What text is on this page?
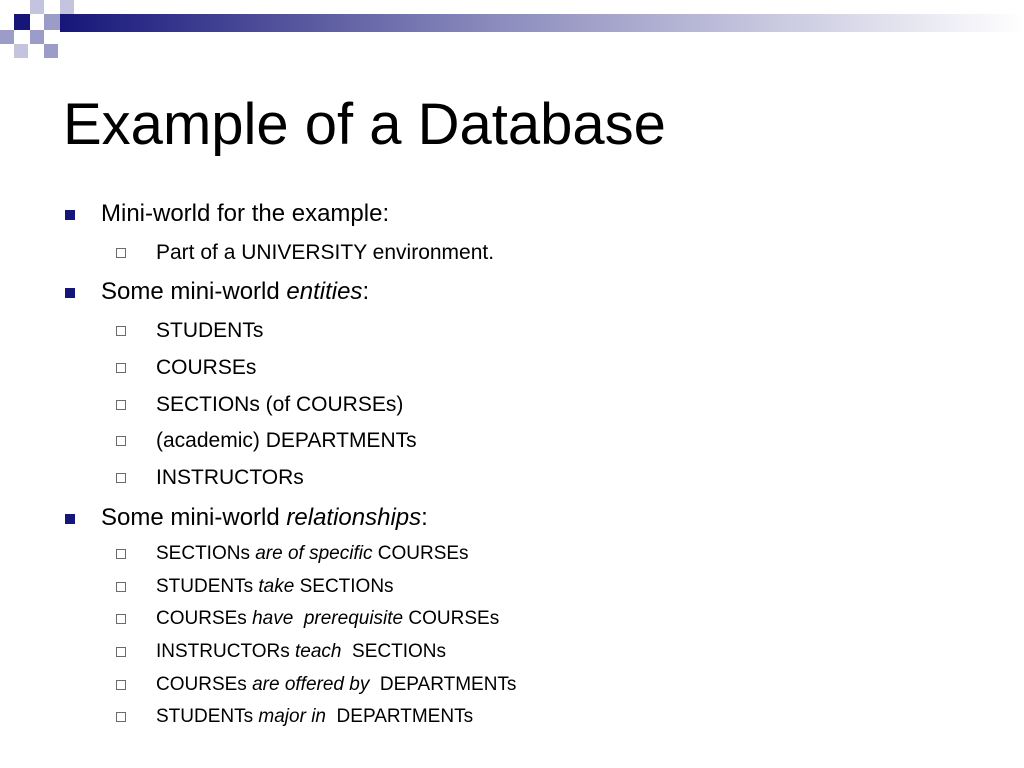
Example of a Database
Mini-world for the example:
Part of a UNIVERSITY environment.
Some mini-world entities:
STUDENTs
COURSEs
SECTIONs (of COURSEs)
(academic) DEPARTMENTs
INSTRUCTORs
Some mini-world relationships:
SECTIONs are of specific COURSEs
STUDENTs take SECTIONs
COURSEs have  prerequisite COURSEs
INSTRUCTORs teach  SECTIONs
COURSEs are offered by  DEPARTMENTs
STUDENTs major in  DEPARTMENTs
